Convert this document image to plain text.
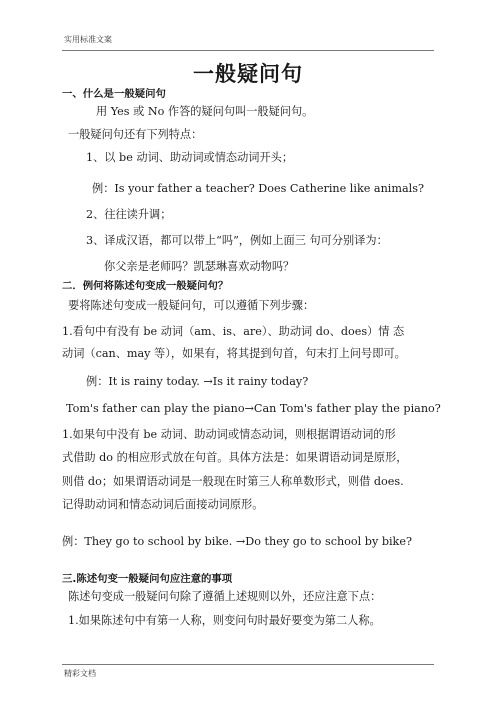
实用标准文案
一般疑问句
一、什么是一般疑问句
用 Yes 或 No 作答的疑问句叫一般疑问句。
一般疑问句还有下列特点：
1、以 be 动词、助动词或情态动词开头；
例：Is your father a teacher? Does Catherine like animals?
2、往往读升调；
3、译成汉语，都可以带上“吗”，例如上面三 句可分别译为：
你父亲是老师吗？凯瑟琳喜欢动物吗？
二．例何将陈述句变成一般疑问句？
要将陈述句变成一般疑问句，可以遵循下列步骤：
1.看句中有没有 be 动词（am、is、are）、助动词 do、does）情 态
动词（can、may 等），如果有，将其提到句首，句末打上问号即可。
例：It is rainy today. →Is it rainy today?
Tom's father can play the piano→Can Tom's father play the piano?
1.如果句中没有 be 动词、助动词或情态动词，则根据谓语动词的形
式借助 do 的相应形式放在句首。具体方法是：如果谓语动词是原形，
则借 do；如果谓语动词是一般现在时第三人称单数形式，则借 does.
记得助动词和情态动词后面接动词原形。
例：They go to school by bike. →Do they go to school by bike?
三.陈述句变一般疑问句应注意的事项
陈述句变成一般疑问句除了遵循上述规则以外，还应注意下点：
1.如果陈述句中有第一人称，则变问句时最好要变为第二人称。
精彩文档
